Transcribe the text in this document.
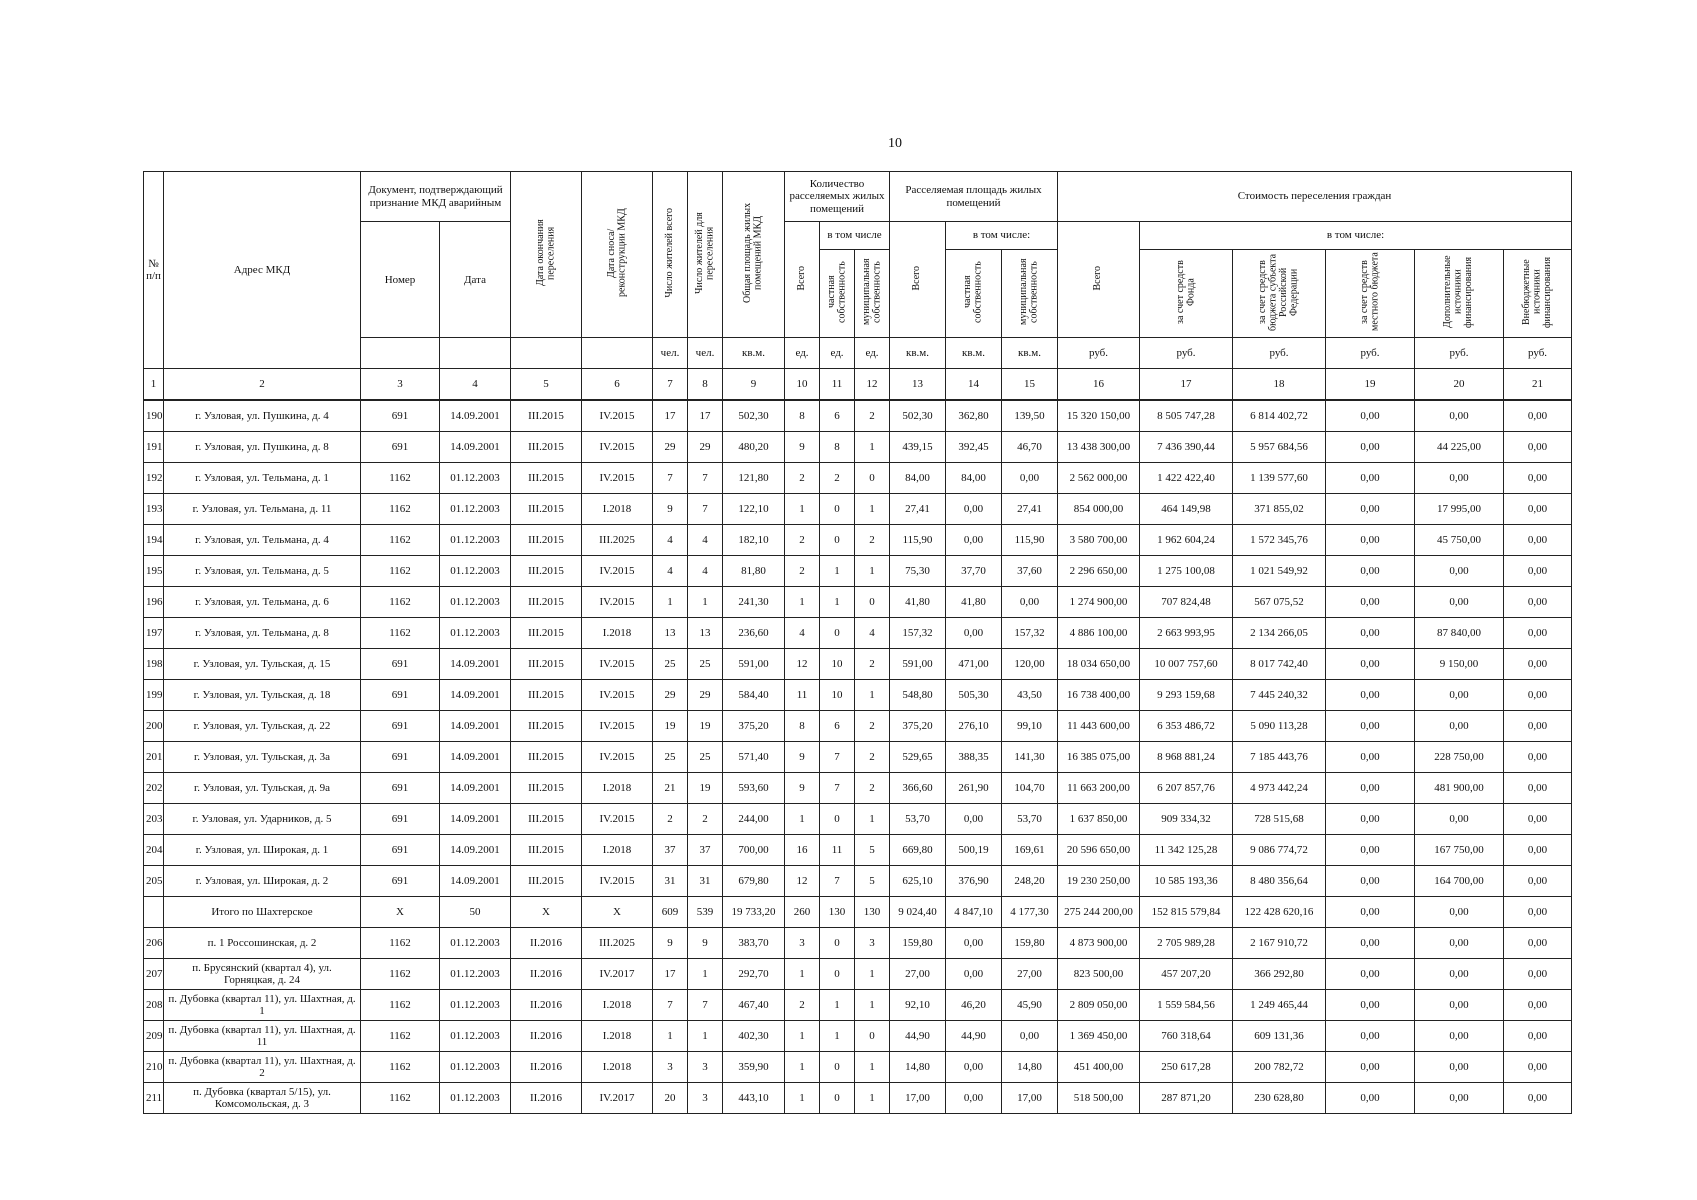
10
№ п/п	Адрес МКД	Документ, подтверждающий признание МКД аварийным		Дата окончания переселения	Дата сноса/реконструкции МКД	Число жителей всего	Число жителей для переселения	Общая площадь жилых помещений МКД	Количество расселяемых жилых помещений			Расселяемая площадь жилых помещений			Стоимость переселения граждан					
		Номер	Дата						Всего	в том числе		Всего	в том числе:		Всего	в том числе:				
										частная собственность	муниципальная собственность		частная собственность	муниципальная собственность		за счет средств Фонда	за счет средств бюджета субъекта Российской Федерации	за счет средств местного бюджета	Дополнительные источники финансирования	Внебюджетные источники финансирования
						чел.	чел.	кв.м.	ед.	ед.	ед.	кв.м.	кв.м.	кв.м.	руб.	руб.	руб.	руб.	руб.	руб.
1	2	3	4	5	6	7	8	9	10	11	12	13	14	15	16	17	18	19	20	21
190	г. Узловая, ул. Пушкина, д. 4	691	14.09.2001	III.2015	IV.2015	17	17	502,30	8	6	2	502,30	362,80	139,50	15 320 150,00	8 505 747,28	6 814 402,72	0,00	0,00	0,00
191	г. Узловая, ул. Пушкина, д. 8	691	14.09.2001	III.2015	IV.2015	29	29	480,20	9	8	1	439,15	392,45	46,70	13 438 300,00	7 436 390,44	5 957 684,56	0,00	44 225,00	0,00
192	г. Узловая, ул. Тельмана, д. 1	1162	01.12.2003	III.2015	IV.2015	7	7	121,80	2	2	0	84,00	84,00	0,00	2 562 000,00	1 422 422,40	1 139 577,60	0,00	0,00	0,00
193	г. Узловая, ул. Тельмана, д. 11	1162	01.12.2003	III.2015	I.2018	9	7	122,10	1	0	1	27,41	0,00	27,41	854 000,00	464 149,98	371 855,02	0,00	17 995,00	0,00
194	г. Узловая, ул. Тельмана, д. 4	1162	01.12.2003	III.2015	III.2025	4	4	182,10	2	0	2	115,90	0,00	115,90	3 580 700,00	1 962 604,24	1 572 345,76	0,00	45 750,00	0,00
195	г. Узловая, ул. Тельмана, д. 5	1162	01.12.2003	III.2015	IV.2015	4	4	81,80	2	1	1	75,30	37,70	37,60	2 296 650,00	1 275 100,08	1 021 549,92	0,00	0,00	0,00
196	г. Узловая, ул. Тельмана, д. 6	1162	01.12.2003	III.2015	IV.2015	1	1	241,30	1	1	0	41,80	41,80	0,00	1 274 900,00	707 824,48	567 075,52	0,00	0,00	0,00
197	г. Узловая, ул. Тельмана, д. 8	1162	01.12.2003	III.2015	I.2018	13	13	236,60	4	0	4	157,32	0,00	157,32	4 886 100,00	2 663 993,95	2 134 266,05	0,00	87 840,00	0,00
198	г. Узловая, ул. Тульская, д. 15	691	14.09.2001	III.2015	IV.2015	25	25	591,00	12	10	2	591,00	471,00	120,00	18 034 650,00	10 007 757,60	8 017 742,40	0,00	9 150,00	0,00
199	г. Узловая, ул. Тульская, д. 18	691	14.09.2001	III.2015	IV.2015	29	29	584,40	11	10	1	548,80	505,30	43,50	16 738 400,00	9 293 159,68	7 445 240,32	0,00	0,00	0,00
200	г. Узловая, ул. Тульская, д. 22	691	14.09.2001	III.2015	IV.2015	19	19	375,20	8	6	2	375,20	276,10	99,10	11 443 600,00	6 353 486,72	5 090 113,28	0,00	0,00	0,00
201	г. Узловая, ул. Тульская, д. 3а	691	14.09.2001	III.2015	IV.2015	25	25	571,40	9	7	2	529,65	388,35	141,30	16 385 075,00	8 968 881,24	7 185 443,76	0,00	228 750,00	0,00
202	г. Узловая, ул. Тульская, д. 9а	691	14.09.2001	III.2015	I.2018	21	19	593,60	9	7	2	366,60	261,90	104,70	11 663 200,00	6 207 857,76	4 973 442,24	0,00	481 900,00	0,00
203	г. Узловая, ул. Ударников, д. 5	691	14.09.2001	III.2015	IV.2015	2	2	244,00	1	0	1	53,70	0,00	53,70	1 637 850,00	909 334,32	728 515,68	0,00	0,00	0,00
204	г. Узловая, ул. Широкая, д. 1	691	14.09.2001	III.2015	I.2018	37	37	700,00	16	11	5	669,80	500,19	169,61	20 596 650,00	11 342 125,28	9 086 774,72	0,00	167 750,00	0,00
205	г. Узловая, ул. Широкая, д. 2	691	14.09.2001	III.2015	IV.2015	31	31	679,80	12	7	5	625,10	376,90	248,20	19 230 250,00	10 585 193,36	8 480 356,64	0,00	164 700,00	0,00
	Итого по Шахтерское	X	50	X	X	609	539	19 733,20	260	130	130	9 024,40	4 847,10	4 177,30	275 244 200,00	152 815 579,84	122 428 620,16	0,00	0,00	0,00
206	п. 1 Россошинская, д. 2	1162	01.12.2003	II.2016	III.2025	9	9	383,70	3	0	3	159,80	0,00	159,80	4 873 900,00	2 705 989,28	2 167 910,72	0,00	0,00	0,00
207	п. Брусянский (квартал 4), ул. Горняцкая, д. 24	1162	01.12.2003	II.2016	IV.2017	17	1	292,70	1	0	1	27,00	0,00	27,00	823 500,00	457 207,20	366 292,80	0,00	0,00	0,00
208	п. Дубовка (квартал 11), ул. Шахтная, д. 1	1162	01.12.2003	II.2016	I.2018	7	7	467,40	2	1	1	92,10	46,20	45,90	2 809 050,00	1 559 584,56	1 249 465,44	0,00	0,00	0,00
209	п. Дубовка (квартал 11), ул. Шахтная, д. 11	1162	01.12.2003	II.2016	I.2018	1	1	402,30	1	1	0	44,90	44,90	0,00	1 369 450,00	760 318,64	609 131,36	0,00	0,00	0,00
210	п. Дубовка (квартал 11), ул. Шахтная, д. 2	1162	01.12.2003	II.2016	I.2018	3	3	359,90	1	0	1	14,80	0,00	14,80	451 400,00	250 617,28	200 782,72	0,00	0,00	0,00
211	п. Дубовка (квартал 5/15), ул. Комсомольская, д. 3	1162	01.12.2003	II.2016	IV.2017	20	3	443,10	1	0	1	17,00	0,00	17,00	518 500,00	287 871,20	230 628,80	0,00	0,00	0,00
